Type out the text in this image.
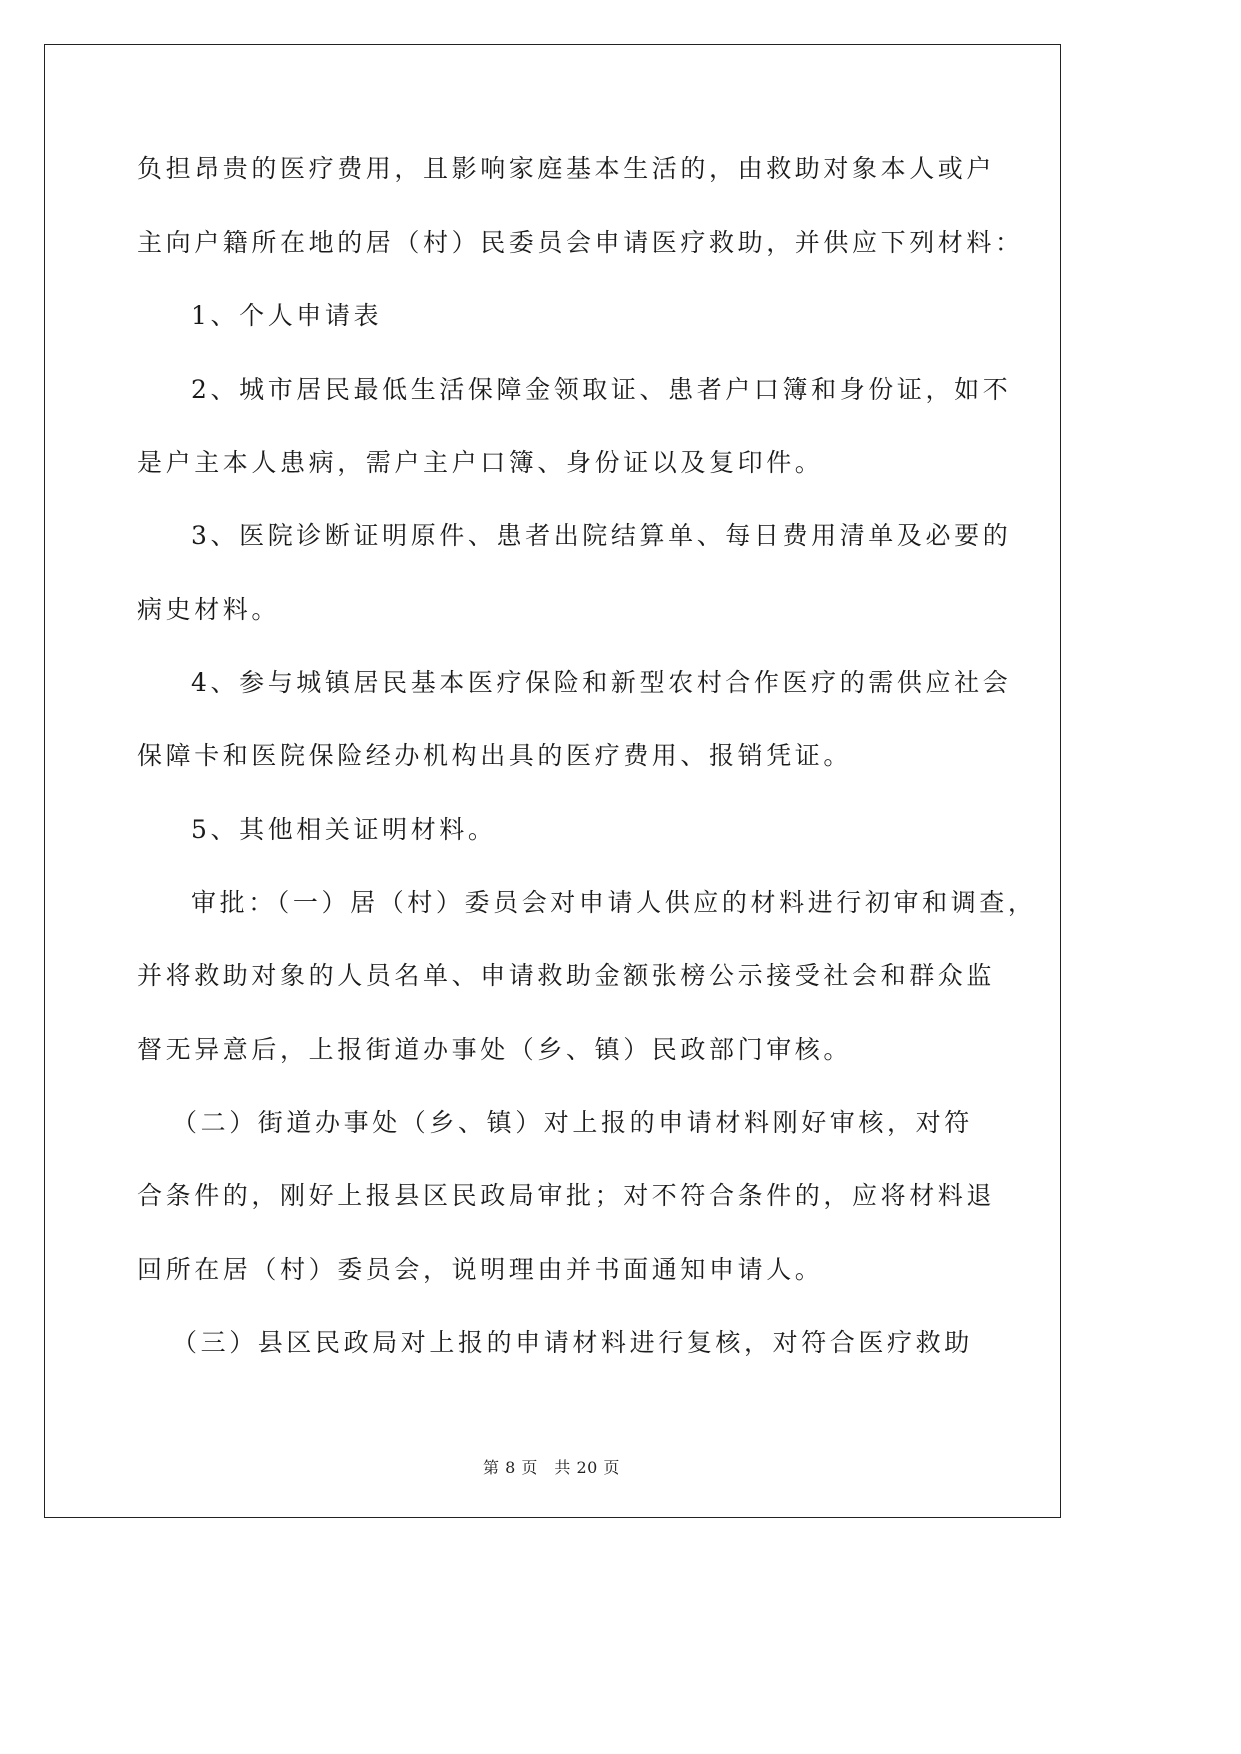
负担昂贵的医疗费用，且影响家庭基本生活的，由救助对象本人或户
主向户籍所在地的居（村）民委员会申请医疗救助，并供应下列材料：
1、个人申请表
2、城市居民最低生活保障金领取证、患者户口簿和身份证，如不
是户主本人患病，需户主户口簿、身份证以及复印件。
3、医院诊断证明原件、患者出院结算单、每日费用清单及必要的
病史材料。
4、参与城镇居民基本医疗保险和新型农村合作医疗的需供应社会
保障卡和医院保险经办机构出具的医疗费用、报销凭证。
5、其他相关证明材料。
审批：（一）居（村）委员会对申请人供应的材料进行初审和调查，
并将救助对象的人员名单、申请救助金额张榜公示接受社会和群众监
督无异意后，上报街道办事处（乡、镇）民政部门审核。
（二）街道办事处（乡、镇）对上报的申请材料刚好审核，对符
合条件的，刚好上报县区民政局审批；对不符合条件的，应将材料退
回所在居（村）委员会，说明理由并书面通知申请人。
（三）县区民政局对上报的申请材料进行复核，对符合医疗救助
第 8 页　共 20 页
